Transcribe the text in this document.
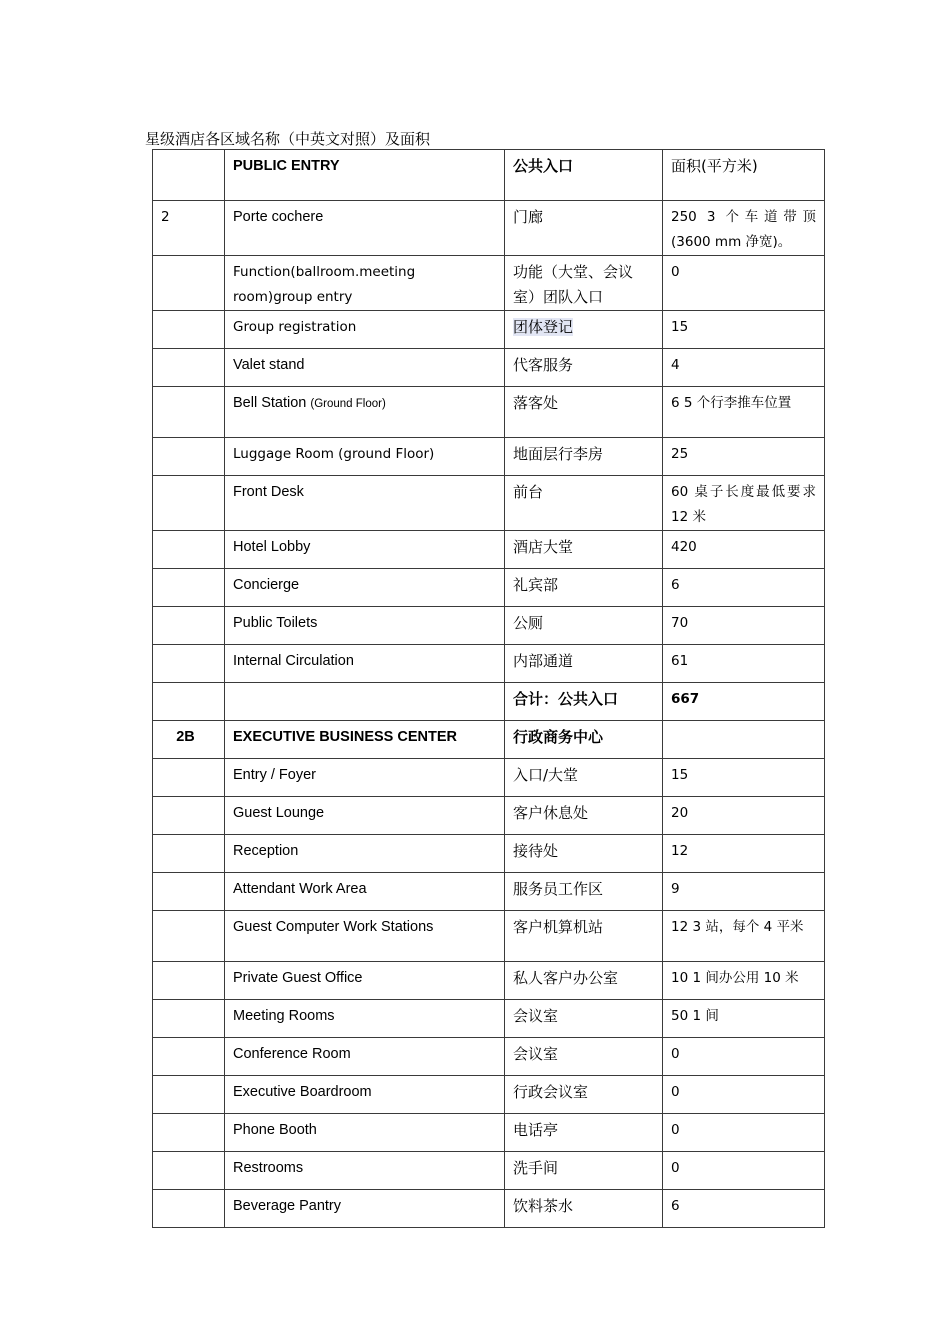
星级酒店各区域名称（中英文对照）及面积
	PUBLIC ENTRY	公共入口	面积(平方米)
2	Porte cochere	门廊	250 3 个车道带顶 (3600 mm 净宽)。
	Function(ballroom.meeting room)group entry	功能（大堂、会议室）团队入口	0
	Group registration	团体登记	15
	Valet stand	代客服务	4
	Bell Station (Ground Floor)	落客处	6 5 个行李推车位置
	Luggage Room (ground Floor)	地面层行李房	25
	Front Desk	前台	60 桌子长度最低要求 12 米
	Hotel Lobby	酒店大堂	420
	Concierge	礼宾部	6
	Public Toilets	公厕	70
	Internal Circulation	内部通道	61
		合计：公共入口	667
2B	EXECUTIVE BUSINESS CENTER	行政商务中心	
	Entry / Foyer	入口/大堂	15
	Guest Lounge	客户休息处	20
	Reception	接待处	12
	Attendant Work Area	服务员工作区	9
	Guest Computer Work Stations	客户机算机站	12 3 站，每个 4 平米
	Private Guest Office	私人客户办公室	10 1 间办公用 10 米
	Meeting Rooms	会议室	50 1 间
	Conference Room	会议室	0
	Executive Boardroom	行政会议室	0
	Phone Booth	电话亭	0
	Restrooms	洗手间	0
	Beverage Pantry	饮料茶水	6
